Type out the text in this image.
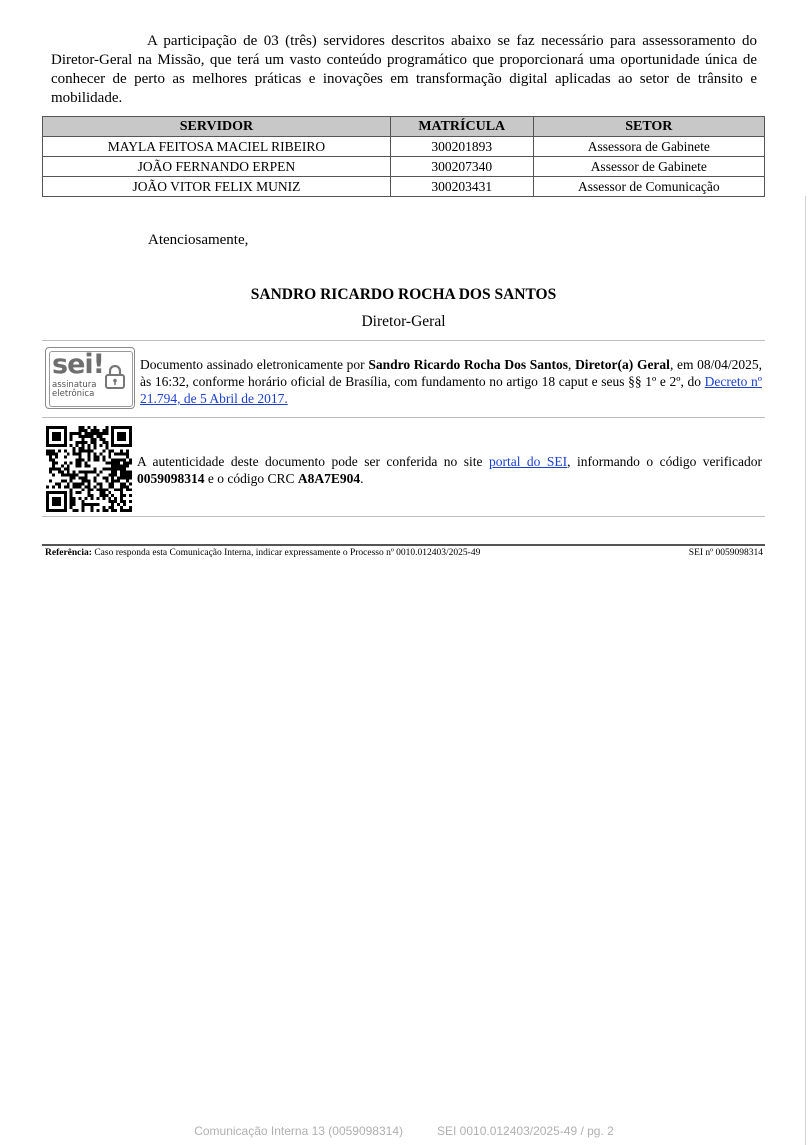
A participação de 03 (três) servidores descritos abaixo se faz necessário para assessoramento do Diretor-Geral na Missão, que terá um vasto conteúdo programático que proporcionará uma oportunidade única de conhecer de perto as melhores práticas e inovações em transformação digital aplicadas ao setor de trânsito e mobilidade.

SERVIDOR	MATRÍCULA	SETOR
MAYLA FEITOSA MACIEL RIBEIRO	300201893	Assessora de Gabinete
JOÃO FERNANDO ERPEN	300207340	Assessor de Gabinete
JOÃO VITOR FELIX MUNIZ	300203431	Assessor de Comunicação

Atenciosamente,

SANDRO RICARDO ROCHA DOS SANTOS

Diretor-Geral

sei!
assinatura
eletrônica

Documento assinado eletronicamente por Sandro Ricardo Rocha Dos Santos, Diretor(a) Geral, em 08/04/2025, às 16:32, conforme horário oficial de Brasília, com fundamento no artigo 18 caput e seus §§ 1º e 2º, do Decreto nº 21.794, de 5 Abril de 2017.

A autenticidade deste documento pode ser conferida no site portal do SEI, informando o código verificador 0059098314 e o código CRC A8A7E904.

Referência: Caso responda esta Comunicação Interna, indicar expressamente o Processo nº 0010.012403/2025-49	SEI nº 0059098314
Comunicação Interna 13 (0059098314)	SEI 0010.012403/2025-49 / pg. 2
